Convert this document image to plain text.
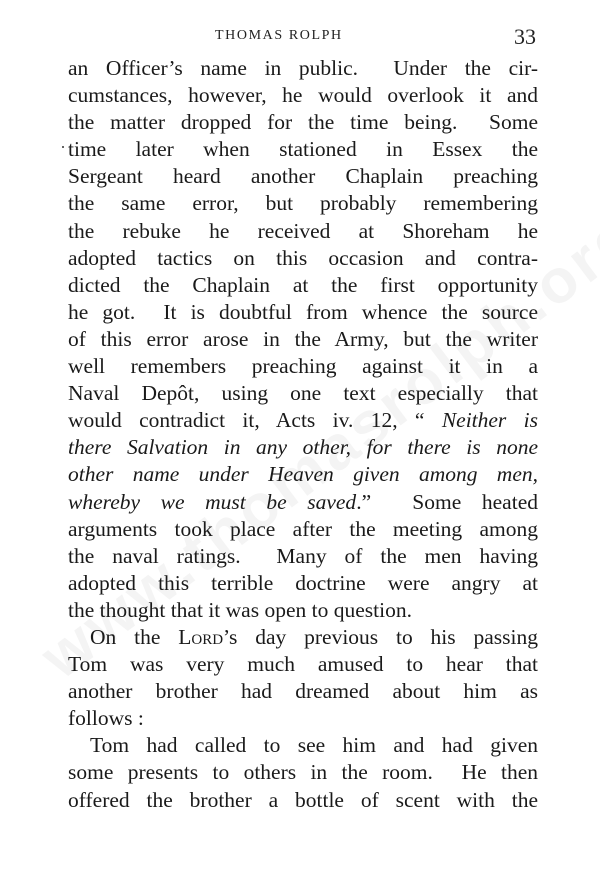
THOMAS ROLPH	33
an Officer’s name in public.  Under the cir-
cumstances, however, he would overlook it and
the matter dropped for the time being.  Some
time later when stationed in Essex the
Sergeant heard another Chaplain preaching
the same error, but probably remembering
the rebuke he received at Shoreham he
adopted tactics on this occasion and contra-
dicted the Chaplain at the first opportunity
he got.  It is doubtful from whence the source
of this error arose in the Army, but the writer
well remembers preaching against it in a
Naval Depôt, using one text especially that
would contradict it, Acts iv. 12, “ Neither is
there Salvation in any other, for there is none
other name under Heaven given among men,
whereby we must be saved.”  Some heated
arguments took place after the meeting among
the naval ratings.  Many of the men having
adopted this terrible doctrine were angry at
the thought that it was open to question.
On the Lord’s day previous to his passing
Tom was very much amused to hear that
another brother had dreamed about him as
follows :
Tom had called to see him and had given
some presents to others in the room.  He then
offered the brother a bottle of scent with the
